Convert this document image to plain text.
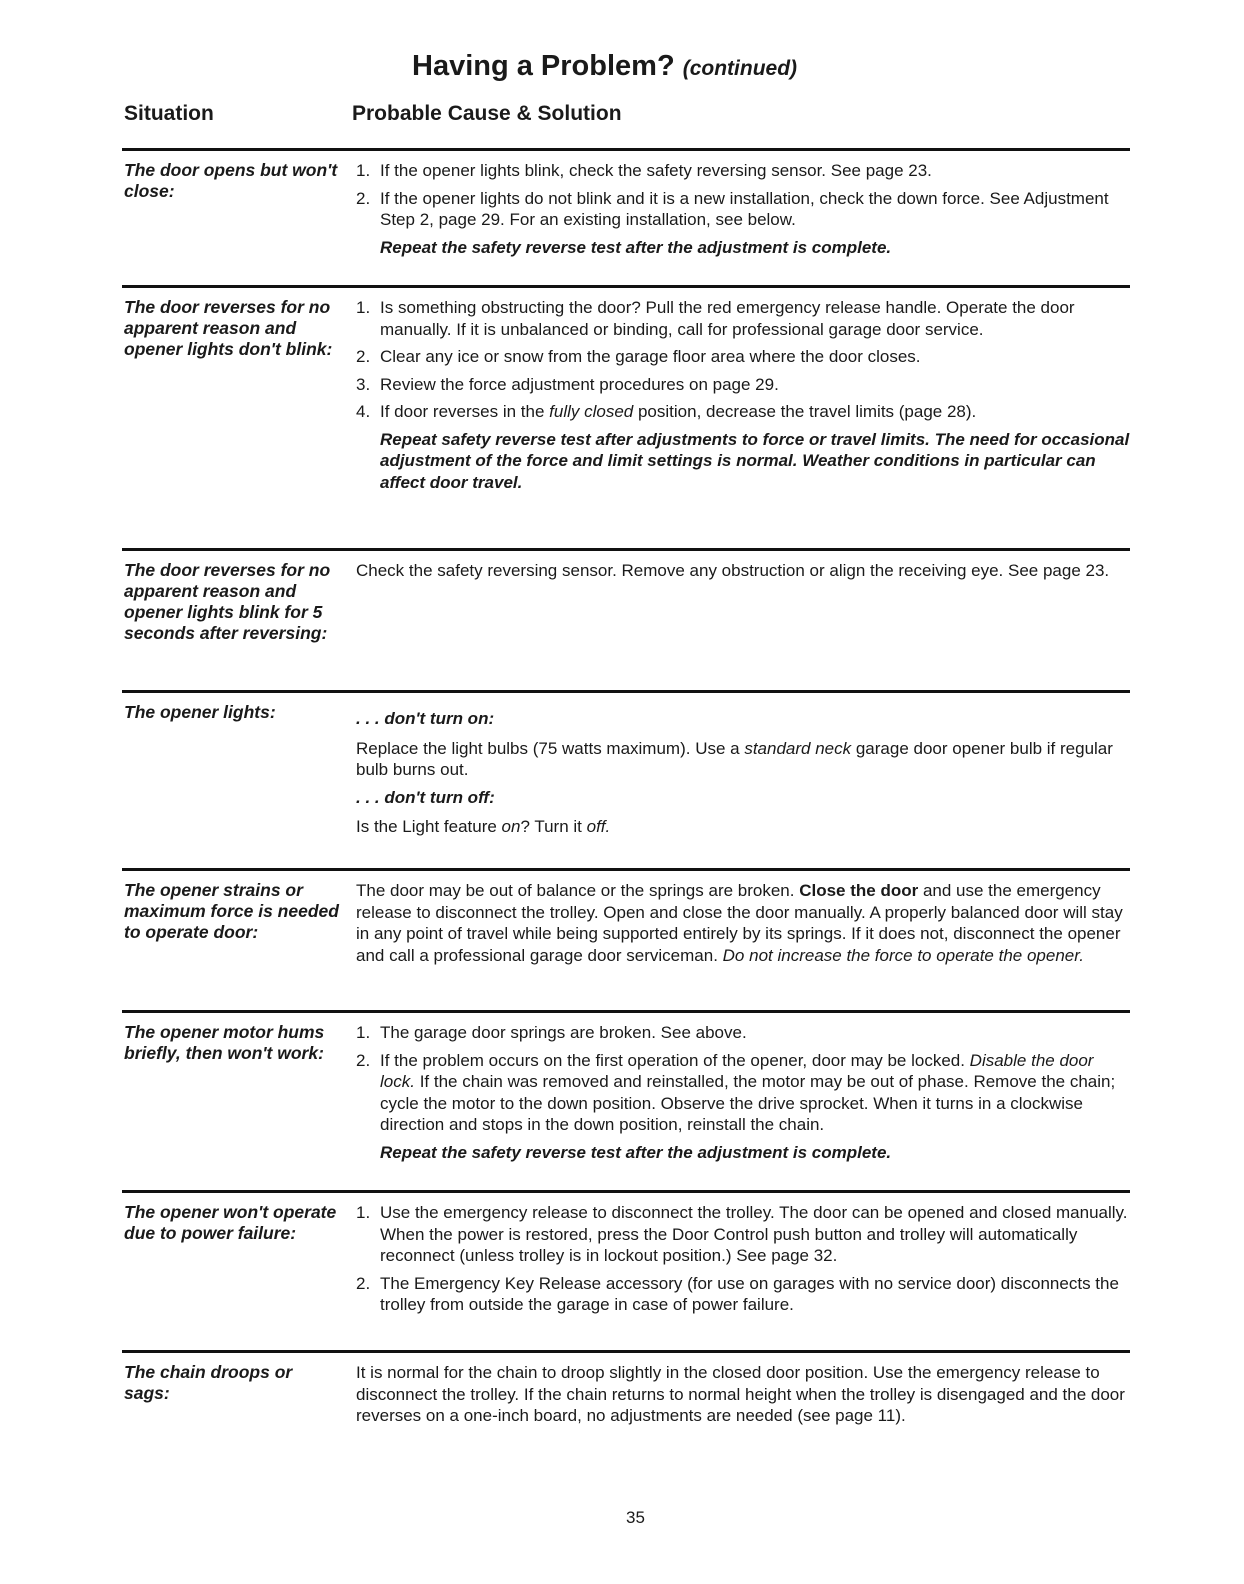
Having a Problem? (continued)
Situation	Probable Cause & Solution
The door opens but won't close:
1. If the opener lights blink, check the safety reversing sensor. See page 23.
2. If the opener lights do not blink and it is a new installation, check the down force. See Adjustment Step 2, page 29. For an existing installation, see below.
Repeat the safety reverse test after the adjustment is complete.
The door reverses for no apparent reason and opener lights don't blink:
1. Is something obstructing the door? Pull the red emergency release handle. Operate the door manually. If it is unbalanced or binding, call for professional garage door service.
2. Clear any ice or snow from the garage floor area where the door closes.
3. Review the force adjustment procedures on page 29.
4. If door reverses in the fully closed position, decrease the travel limits (page 28).
Repeat safety reverse test after adjustments to force or travel limits. The need for occasional adjustment of the force and limit settings is normal. Weather conditions in particular can affect door travel.
The door reverses for no apparent reason and opener lights blink for 5 seconds after reversing:
Check the safety reversing sensor. Remove any obstruction or align the receiving eye. See page 23.
The opener lights:	. . . don't turn on:
Replace the light bulbs (75 watts maximum). Use a standard neck garage door opener bulb if regular bulb burns out.
. . . don't turn off:
Is the Light feature on? Turn it off.
The opener strains or maximum force is needed to operate door:
The door may be out of balance or the springs are broken. Close the door and use the emergency release to disconnect the trolley. Open and close the door manually. A properly balanced door will stay in any point of travel while being supported entirely by its springs. If it does not, disconnect the opener and call a professional garage door serviceman. Do not increase the force to operate the opener.
The opener motor hums briefly, then won't work:
1. The garage door springs are broken. See above.
2. If the problem occurs on the first operation of the opener, door may be locked. Disable the door lock. If the chain was removed and reinstalled, the motor may be out of phase. Remove the chain; cycle the motor to the down position. Observe the drive sprocket. When it turns in a clockwise direction and stops in the down position, reinstall the chain.
Repeat the safety reverse test after the adjustment is complete.
The opener won't operate due to power failure:
1. Use the emergency release to disconnect the trolley. The door can be opened and closed manually. When the power is restored, press the Door Control push button and trolley will automatically reconnect (unless trolley is in lockout position.) See page 32.
2. The Emergency Key Release accessory (for use on garages with no service door) disconnects the trolley from outside the garage in case of power failure.
The chain droops or sags:
It is normal for the chain to droop slightly in the closed door position. Use the emergency release to disconnect the trolley. If the chain returns to normal height when the trolley is disengaged and the door reverses on a one-inch board, no adjustments are needed (see page 11).
35
